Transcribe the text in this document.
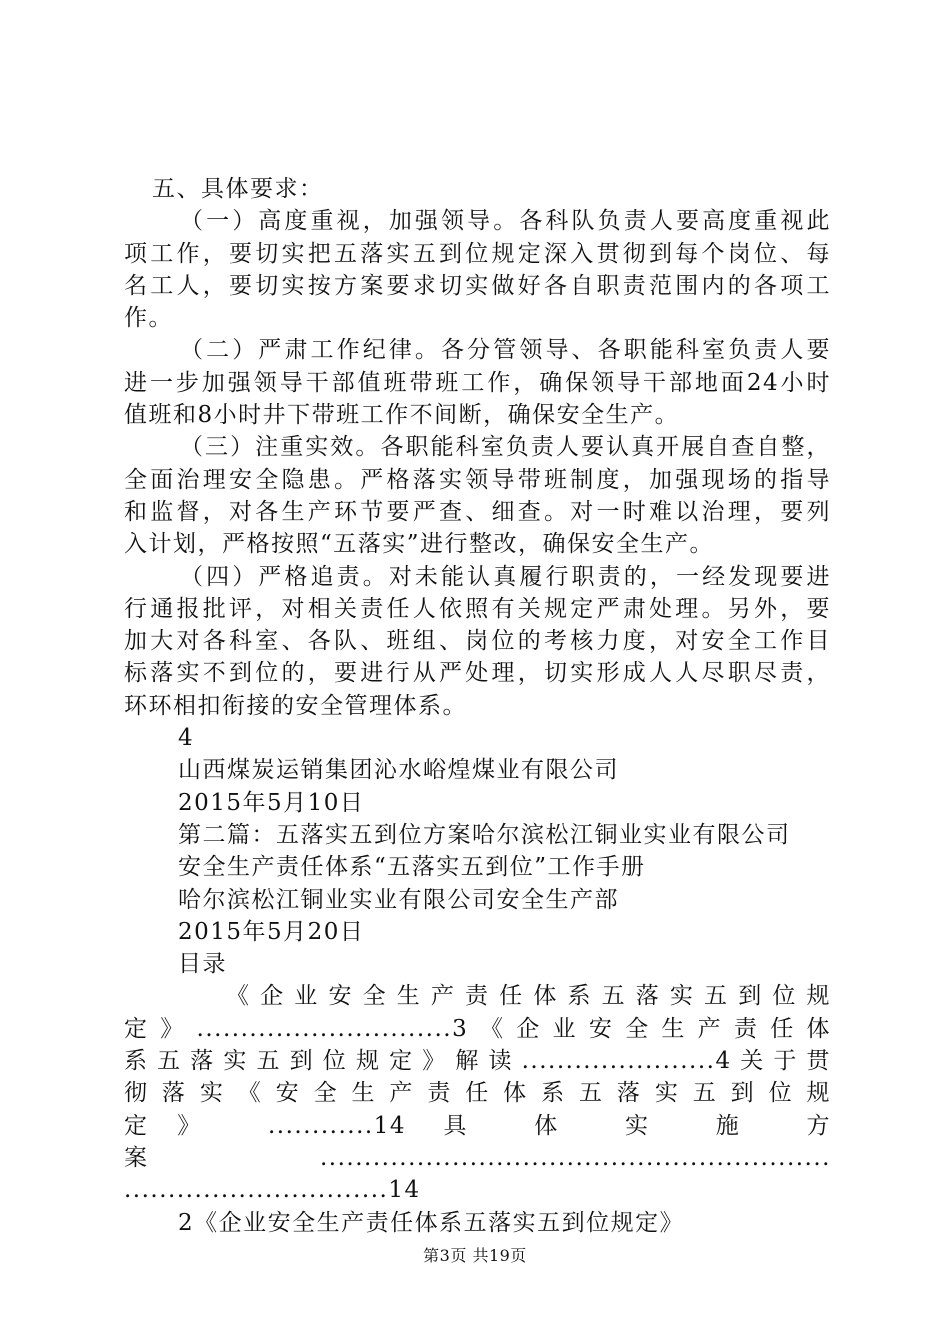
五、具体要求：
（一）高度重视，加强领导。各科队负责人要高度重视此
项工作，要切实把五落实五到位规定深入贯彻到每个岗位、每
名工人，要切实按方案要求切实做好各自职责范围内的各项工
作。
（二）严肃工作纪律。各分管领导、各职能科室负责人要
进一步加强领导干部值班带班工作，确保领导干部地面24小时
值班和8小时井下带班工作不间断，确保安全生产。
（三）注重实效。各职能科室负责人要认真开展自查自整，
全面治理安全隐患。严格落实领导带班制度，加强现场的指导
和监督，对各生产环节要严查、细查。对一时难以治理，要列
入计划，严格按照“五落实”进行整改，确保安全生产。
（四）严格追责。对未能认真履行职责的，一经发现要进
行通报批评，对相关责任人依照有关规定严肃处理。另外，要
加大对各科室、各队、班组、岗位的考核力度，对安全工作目
标落实不到位的，要进行从严处理，切实形成人人尽职尽责，
环环相扣衔接的安全管理体系。
4
山西煤炭运销集团沁水峪煌煤业有限公司
2015年5月10日
第二篇：五落实五到位方案哈尔滨松江铜业实业有限公司
安全生产责任体系“五落实五到位”工作手册
哈尔滨松江铜业实业有限公司安全生产部
2015年5月20日
目录
《企业安全生产责任体系五落实五到位规
定》.............................3《企业安全生产责任体
系五落实五到位规定》解读......................4关于贯
彻落实《安全生产责任体系五落实五到位规
定》 ............14 具 体 实 施 方
案..........................................................
..............................14
2《企业安全生产责任体系五落实五到位规定》
第3页 共19页
